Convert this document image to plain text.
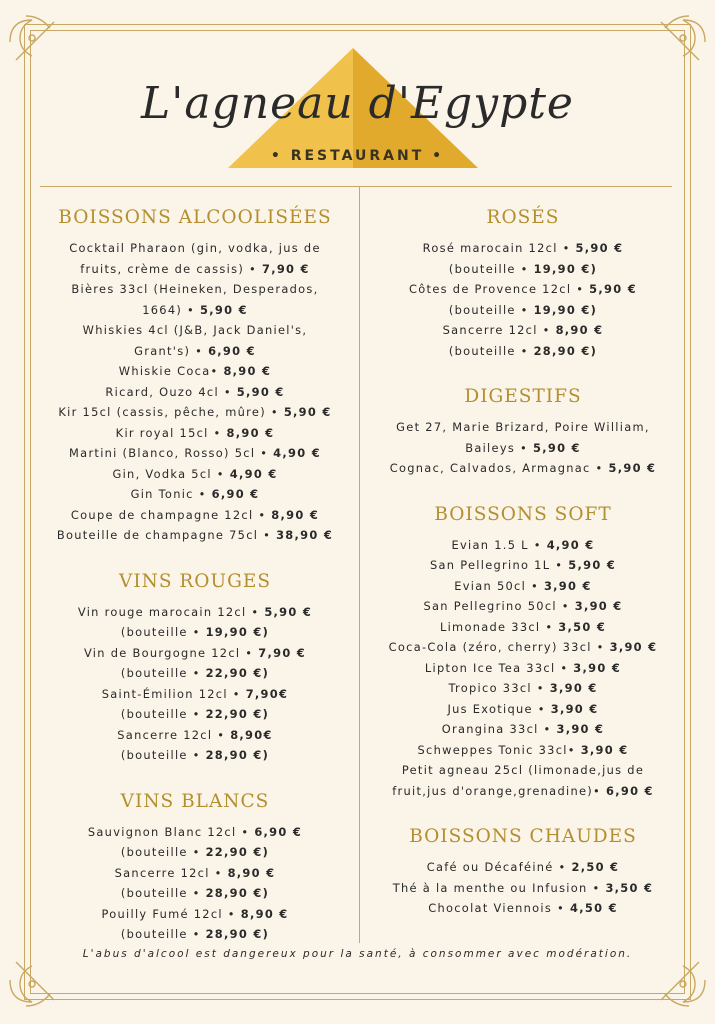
L'agneau d'Egypte
• RESTAURANT •
BOISSONS ALCOOLISÉES
Cocktail Pharaon (gin, vodka, jus de
fruits, crème de cassis) • 7,90 €
Bières 33cl (Heineken, Desperados,
1664) • 5,90 €
Whiskies 4cl (J&B, Jack Daniel's,
Grant's) • 6,90 €
Whiskie Coca• 8,90 €
Ricard, Ouzo 4cl • 5,90 €
Kir 15cl (cassis, pêche, mûre) • 5,90 €
Kir royal 15cl • 8,90 €
Martini (Blanco, Rosso) 5cl • 4,90 €
Gin, Vodka 5cl • 4,90 €
Gin Tonic • 6,90 €
Coupe de champagne 12cl • 8,90 €
Bouteille de champagne 75cl • 38,90 €
VINS ROUGES
Vin rouge marocain 12cl • 5,90 €
(bouteille • 19,90 €)
Vin de Bourgogne 12cl • 7,90 €
(bouteille • 22,90 €)
Saint-Émilion 12cl • 7,90€
(bouteille • 22,90 €)
Sancerre 12cl • 8,90€
(bouteille • 28,90 €)
VINS BLANCS
Sauvignon Blanc 12cl • 6,90 €
(bouteille • 22,90 €)
Sancerre 12cl • 8,90 €
(bouteille • 28,90 €)
Pouilly Fumé 12cl • 8,90 €
(bouteille • 28,90 €)
ROSÉS
Rosé marocain 12cl • 5,90 €
(bouteille • 19,90 €)
Côtes de Provence 12cl • 5,90 €
(bouteille • 19,90 €)
Sancerre 12cl • 8,90 €
(bouteille • 28,90 €)
DIGESTIFS
Get 27, Marie Brizard, Poire William,
Baileys • 5,90 €
Cognac, Calvados, Armagnac • 5,90 €
BOISSONS SOFT
Evian 1.5 L • 4,90 €
San Pellegrino 1L • 5,90 €
Evian 50cl • 3,90 €
San Pellegrino 50cl • 3,90 €
Limonade 33cl • 3,50 €
Coca-Cola (zéro, cherry) 33cl • 3,90 €
Lipton Ice Tea 33cl • 3,90 €
Tropico 33cl • 3,90 €
Jus Exotique • 3,90 €
Orangina 33cl • 3,90 €
Schweppes Tonic 33cl• 3,90 €
Petit agneau 25cl (limonade,jus de
fruit,jus d'orange,grenadine)• 6,90 €
BOISSONS CHAUDES
Café ou Décaféiné • 2,50 €
Thé à la menthe ou Infusion • 3,50 €
Chocolat Viennois • 4,50 €
L'abus d'alcool est dangereux pour la santé, à consommer avec modération.
